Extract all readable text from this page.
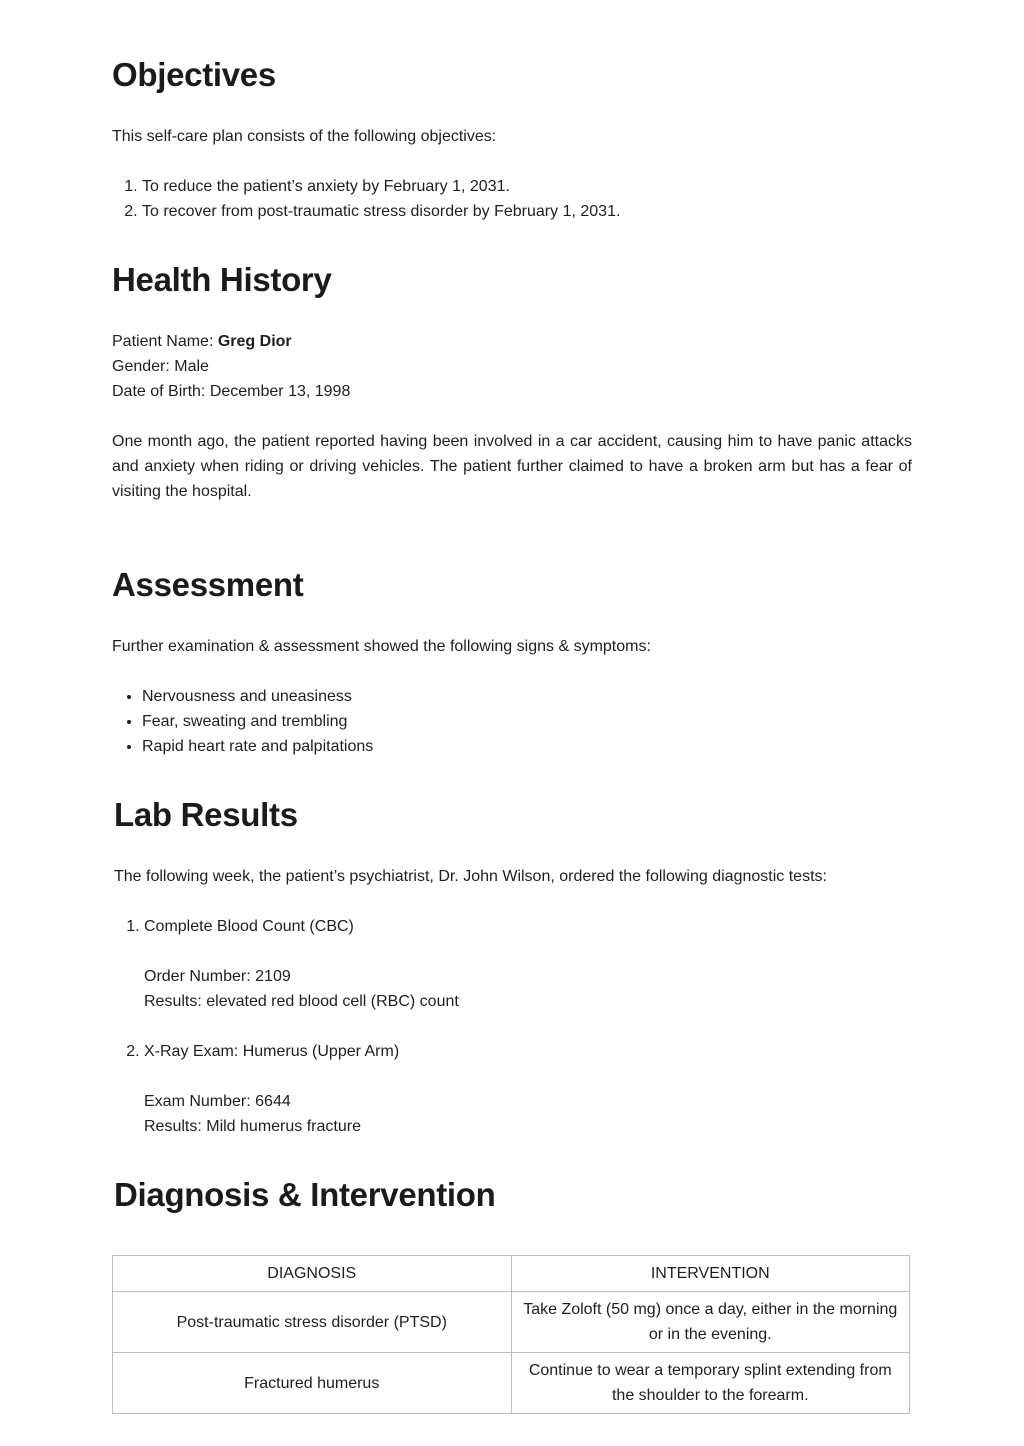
Objectives

This self-care plan consists of the following objectives:

1. To reduce the patient’s anxiety by February 1, 2031.
2. To recover from post-traumatic stress disorder by February 1, 2031.
Health History

Patient Name: Greg Dior

Gender: Male

Date of Birth: December 13, 1998

One month ago, the patient reported having been involved in a car accident, causing him to have panic attacks and anxiety when riding or driving vehicles. The patient further claimed to have a broken arm but has a fear of visiting the hospital.

Assessment

Further examination & assessment showed the following signs & symptoms:

• Nervousness and uneasiness
• Fear, sweating and trembling
• Rapid heart rate and palpitations
Lab Results

The following week, the patient’s psychiatrist, Dr. John Wilson, ordered the following diagnostic tests:

1. Complete Blood Count (CBC)
Order Number: 2109
Results: elevated red blood cell (RBC) count
2. X-Ray Exam: Humerus (Upper Arm)
Exam Number: 6644
Results: Mild humerus fracture
Diagnosis & Intervention
DIAGNOSIS	INTERVENTION
Post-traumatic stress disorder (PTSD)	Take Zoloft (50 mg) once a day, either in the morning or in the evening.
Fractured humerus	Continue to wear a temporary splint extending from the shoulder to the forearm.
